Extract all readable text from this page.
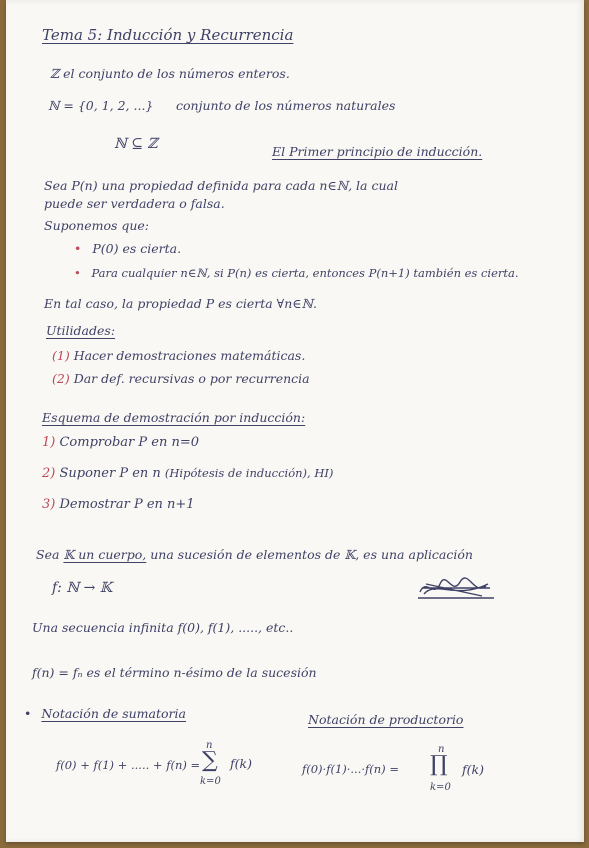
Tema 5: Inducción y Recurrencia
ℤ el conjunto de los números enteros.
ℕ = {0, 1, 2, ...} conjunto de los números naturales
ℕ ⊆ ℤ	El Primer principio de inducción.
Sea P(n) una propiedad definida para cada n∈ℕ, la cual
puede ser verdadera o falsa.
Suponemos que:
• P(0) es cierta.
• Para cualquier n∈ℕ, si P(n) es cierta, entonces P(n+1) también es cierta.
En tal caso, la propiedad P es cierta ∀n∈ℕ.
Utilidades:
(1) Hacer demostraciones matemáticas.
(2) Dar def. recursivas o por recurrencia
Esquema de demostración por inducción:
1) Comprobar P en n=0
2) Suponer P en n (Hipótesis de inducción), HI)
3) Demostrar P en n+1
Sea 𝕂 un cuerpo, una sucesión de elementos de 𝕂, es una aplicación
f: ℕ → 𝕂
Una secuencia infinita f(0), f(1), ....., etc..
f(n) = fₙ es el término n-ésimo de la sucesión
• Notación de sumatoria	Notación de productorio
f(0) + f(1) + ..... + f(n) =
n
∑
k=0
f(k)	f(0)·f(1)·...·f(n) =
n
∏
k=0
f(k)
